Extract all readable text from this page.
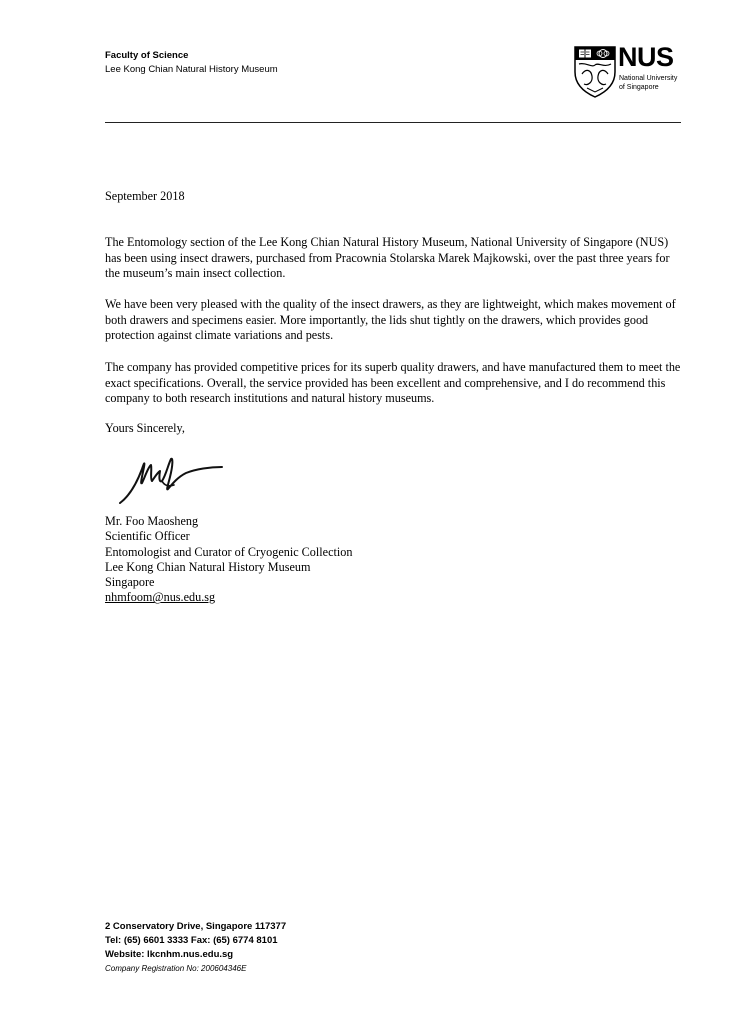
Faculty of Science
Lee Kong Chian Natural History Museum	NUS
National University
of Singapore
September 2018
The Entomology section of the Lee Kong Chian Natural History Museum, National University of Singapore (NUS) has been using insect drawers, purchased from Pracownia Stolarska Marek Majkowski, over the past three years for the museum’s main insect collection.
We have been very pleased with the quality of the insect drawers, as they are lightweight, which makes movement of both drawers and specimens easier. More importantly, the lids shut tightly on the drawers, which provides good protection against climate variations and pests.
The company has provided competitive prices for its superb quality drawers, and have manufactured them to meet the exact specifications. Overall, the service provided has been excellent and comprehensive, and I do recommend this company to both research institutions and natural history museums.
Yours Sincerely,
Mr. Foo Maosheng
Scientific Officer
Entomologist and Curator of Cryogenic Collection
Lee Kong Chian Natural History Museum
Singapore
nhmfoom@nus.edu.sg
2 Conservatory Drive, Singapore 117377
Tel: (65) 6601 3333 Fax: (65) 6774 8101
Website: lkcnhm.nus.edu.sg
Company Registration No: 200604346E
